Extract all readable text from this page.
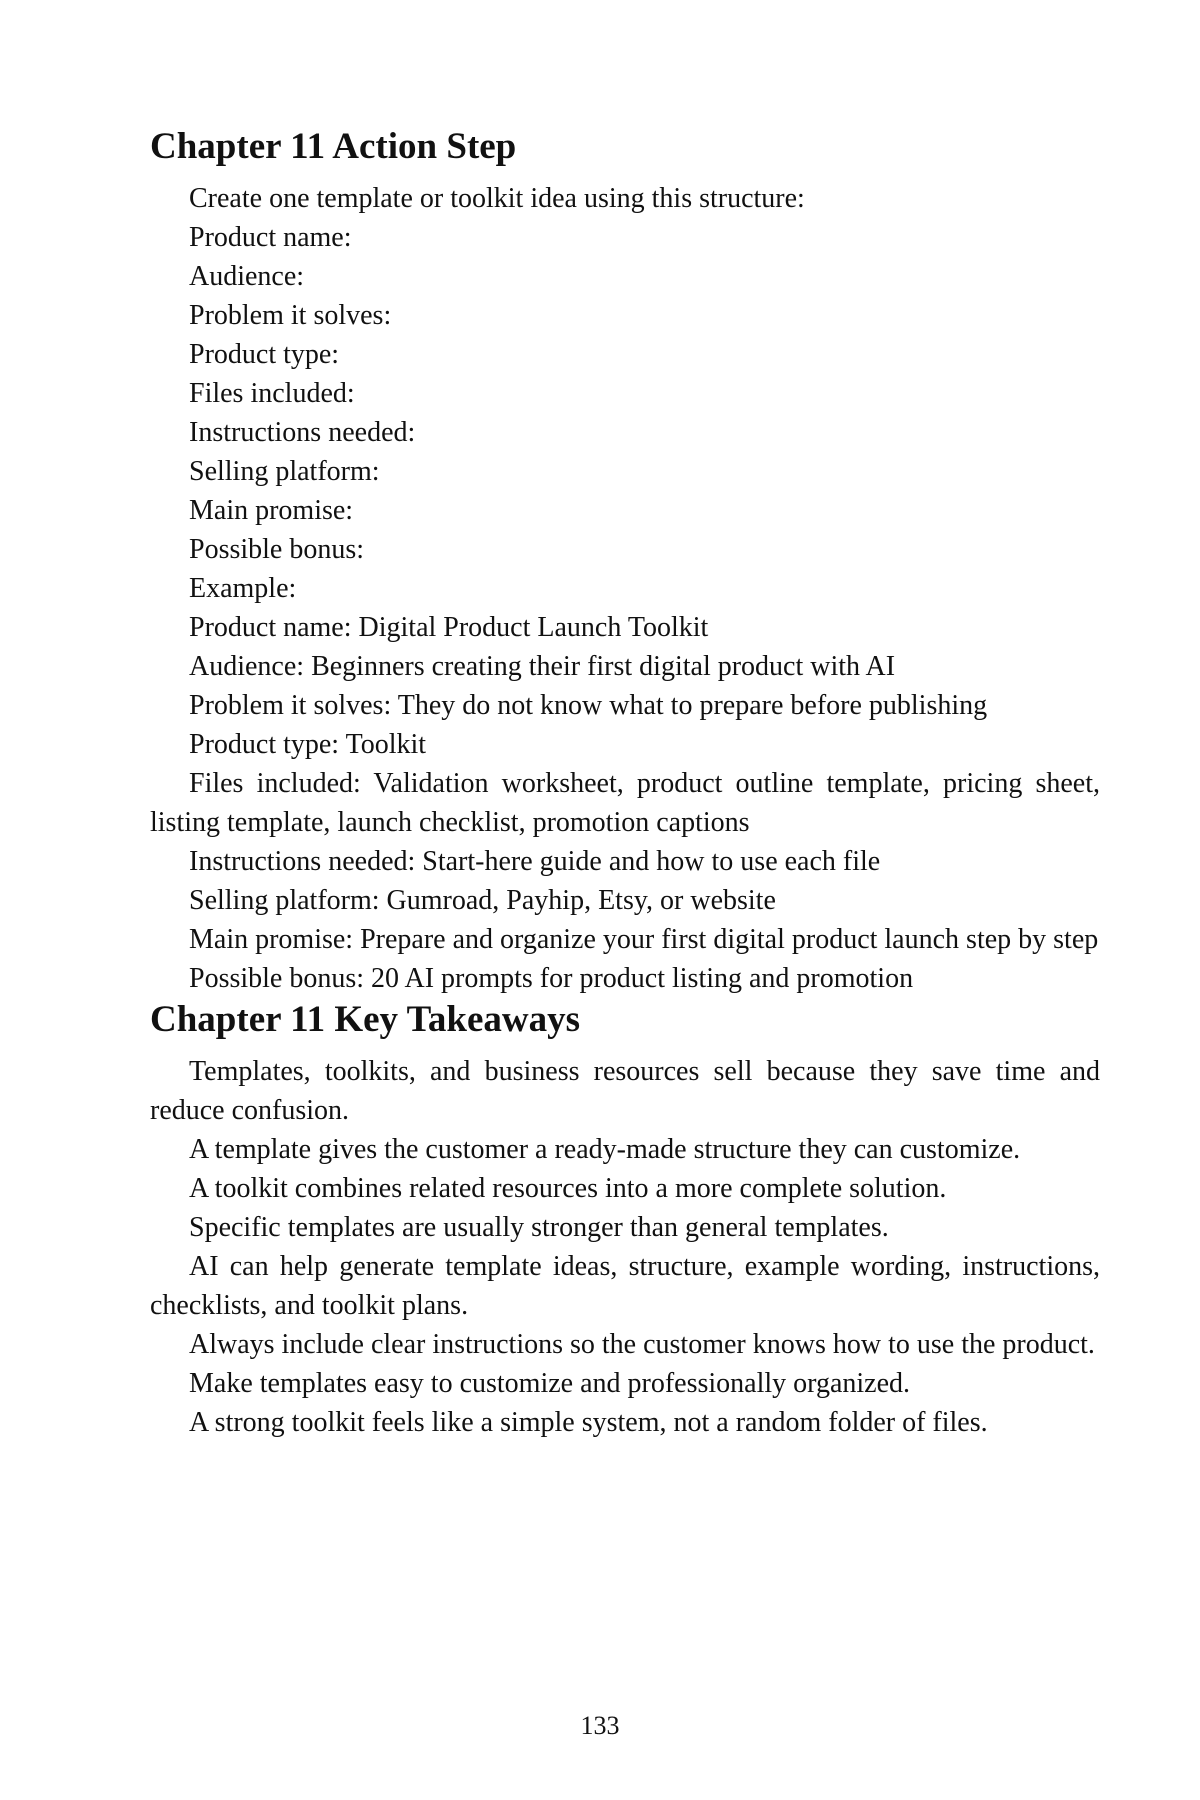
Chapter 11 Action Step

Create one template or toolkit idea using this structure:

Product name:

Audience:

Problem it solves:

Product type:

Files included:

Instructions needed:

Selling platform:

Main promise:

Possible bonus:

Example:

Product name: Digital Product Launch Toolkit

Audience: Beginners creating their first digital product with AI

Problem it solves: They do not know what to prepare before publishing

Product type: Toolkit

Files included: Validation worksheet, product outline template, pricing sheet, listing template, launch checklist, promotion captions

Instructions needed: Start-here guide and how to use each file

Selling platform: Gumroad, Payhip, Etsy, or website

Main promise: Prepare and organize your first digital product launch step by step

Possible bonus: 20 AI prompts for product listing and promotion

Chapter 11 Key Takeaways

Templates, toolkits, and business resources sell because they save time and reduce confusion.

A template gives the customer a ready-made structure they can customize.

A toolkit combines related resources into a more complete solution.

Specific templates are usually stronger than general templates.

AI can help generate template ideas, structure, example wording, instructions, checklists, and toolkit plans.

Always include clear instructions so the customer knows how to use the product.

Make templates easy to customize and professionally organized.

A strong toolkit feels like a simple system, not a random folder of files.

133
